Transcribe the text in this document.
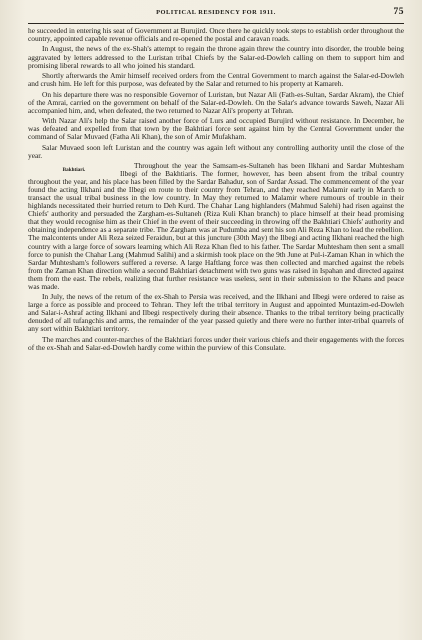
POLITICAL RESIDENCY FOR 1911.	75

he succeeded in entering his seat of Government at Burujird. Once there he quickly took steps to establish order throughout the country, appointed capable revenue officials and re-opened the postal and caravan roads.

In August, the news of the ex-Shah's attempt to regain the throne again threw the country into disorder, the trouble being aggravated by letters addressed to the Luristan tribal Chiefs by the Salar-ed-Dowleh calling on them to support him and promising liberal rewards to all who joined his standard.

Shortly afterwards the Amir himself received orders from the Central Government to march against the Salar-ed-Dowleh and crush him. He left for this purpose, was defeated by the Salar and returned to his property at Kamareh.

On his departure there was no responsible Governor of Luristan, but Nazar Ali (Fath-es-Sultan, Sardar Akram), the Chief of the Amrai, carried on the government on behalf of the Salar-ed-Dowleh. On the Salar's advance towards Saweh, Nazar Ali accompanied him, and, when defeated, the two returned to Nazar Ali's property at Tehran.

With Nazar Ali's help the Salar raised another force of Lurs and occupied Burujird without resistance. In December, he was defeated and expelled from that town by the Bakhtiari force sent against him by the Central Government under the command of Salar Muvaed (Fatha Ali Khan), the son of Amir Mufakham.

Salar Muvaed soon left Luristan and the country was again left without any controlling authority until the close of the year.

Bakhtiari.	Throughout the year the Samsam-es-Sultaneh has been Ilkhani and Sardar Muhtesham Ilbegi of the Bakhtiaris. The former, however, has been absent from the tribal country throughout the year, and his place has been filled by the Sardar Bahadur, son of Sardar Assad. The commencement of the year found the acting Ilkhani and the Ilbegi en route to their country from Tehran, and they reached Malamir early in March to transact the usual tribal business in the low country. In May they returned to Malamir where rumours of trouble in their highlands necessitated their hurried return to Deh Kurd. The Chahar Lang highlanders (Mahmud Salehi) had risen against the Chiefs' authority and persuaded the Zargham-es-Sultaneh (Riza Kuli Khan branch) to place himself at their head promising that they would recognise him as their Chief in the event of their succeeding in throwing off the Bakhtiari Chiefs' authority and obtaining independence as a separate tribe. The Zargham was at Pudumba and sent his son Ali Reza Khan to lead the rebellion. The malcontents under Ali Reza seized Feraidun, but at this juncture (30th May) the Ilbegi and acting Ilkhani reached the high country with a large force of sowars learning which Ali Reza Khan fled to his father. The Sardar Muhtesham then sent a small force to punish the Chahar Lang (Mahmud Salihi) and a skirmish took place on the 9th June at Pul-i-Zaman Khan in which the Sardar Muhtesham's followers suffered a reverse. A large Haftlang force was then collected and marched against the rebels from the Zaman Khan direction while a second Bakhtiari detachment with two guns was raised in Ispahan and directed against them from the east. The rebels, realizing that further resistance was useless, sent in their submission to the Khans and peace was made.

In July, the news of the return of the ex-Shah to Persia was received, and the Ilkhani and Ilbegi were ordered to raise as large a force as possible and proceed to Tehran. They left the tribal territory in August and appointed Muntazim-ed-Dowleh and Salar-i-Ashraf acting Ilkhani and Ilbegi respectively during their absence. Thanks to the tribal territory being practically denuded of all tufangchis and arms, the remainder of the year passed quietly and there were no further inter-tribal quarrels of any sort within Bakhtiari territory.

The marches and counter-marches of the Bakhtiari forces under their various chiefs and their engagements with the forces of the ex-Shah and Salar-ed-Dowleh hardly come within the purview of this Consulate.
